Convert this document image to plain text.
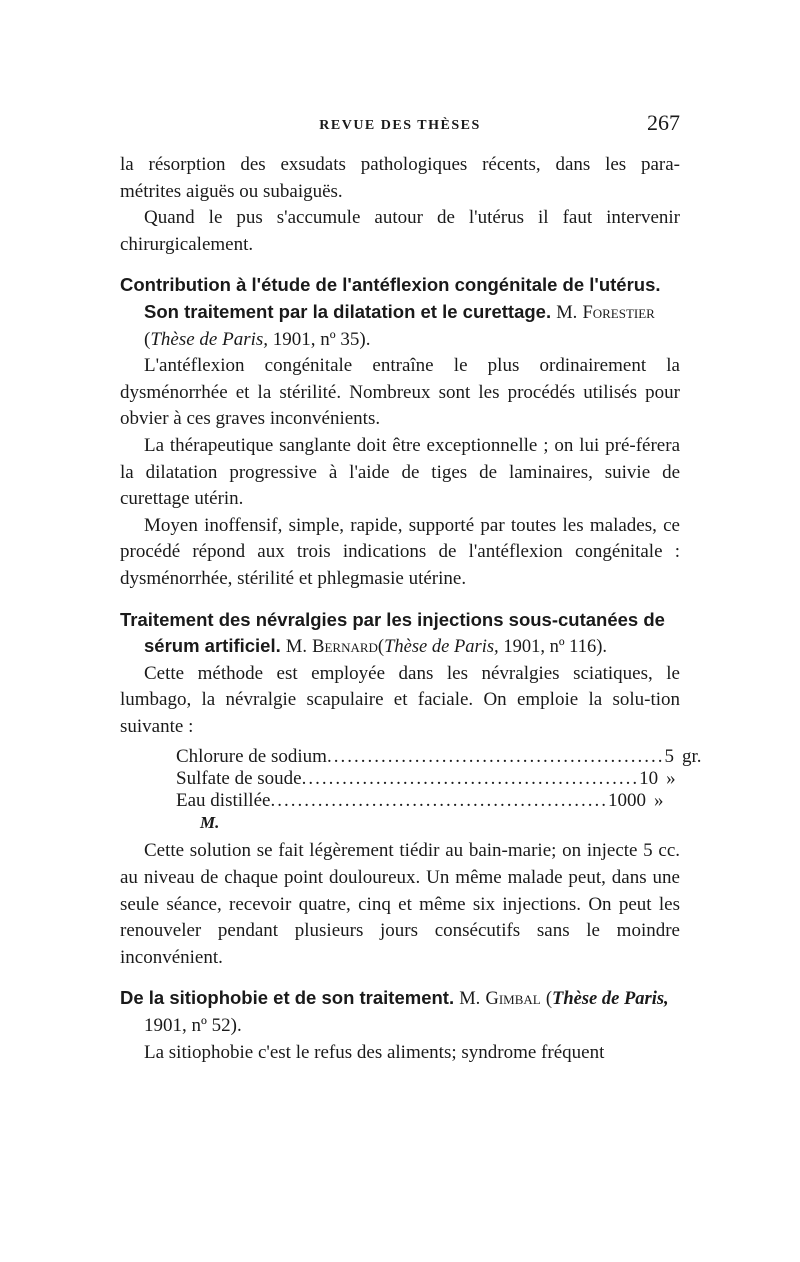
REVUE DES THÈSES	267

la résorption des exsudats pathologiques récents, dans les para-

métrites aiguës ou subaiguës.

Quand le pus s'accumule autour de l'utérus il faut intervenir chirurgicalement.

Contribution à l'étude de l'antéflexion congénitale de l'utérus. Son traitement par la dilatation et le curettage. M. Forestier

(Thèse de Paris, 1901, nº 35).

L'antéflexion congénitale entraîne le plus ordinairement la dysménorrhée et la stérilité. Nombreux sont les procédés utilisés pour obvier à ces graves inconvénients.

La thérapeutique sanglante doit être exceptionnelle ; on lui pré-férera la dilatation progressive à l'aide de tiges de laminaires, suivie de curettage utérin.

Moyen inoffensif, simple, rapide, supporté par toutes les malades, ce procédé répond aux trois indications de l'antéflexion congénitale : dysménorrhée, stérilité et phlegmasie utérine.

Traitement des névralgies par les injections sous-cutanées de sérum artificiel. M. Bernard(Thèse de Paris, 1901, nº 116).

Cette méthode est employée dans les névralgies sciatiques, le lumbago, la névralgie scapulaire et faciale. On emploie la solu-tion suivante :

Chlorure de sodium .................................................. 5 gr.
Sulfate de soude .................................................. 10 »
Eau distillée .................................................. 1000 »
M.

Cette solution se fait légèrement tiédir au bain-marie; on injecte 5 cc. au niveau de chaque point douloureux. Un même malade peut, dans une seule séance, recevoir quatre, cinq et même six injections. On peut les renouveler pendant plusieurs jours consécutifs sans le moindre inconvénient.

De la sitiophobie et de son traitement. M. Gimbal (Thèse de Paris,

1901, nº 52).

La sitiophobie c'est le refus des aliments; syndrome fréquent
